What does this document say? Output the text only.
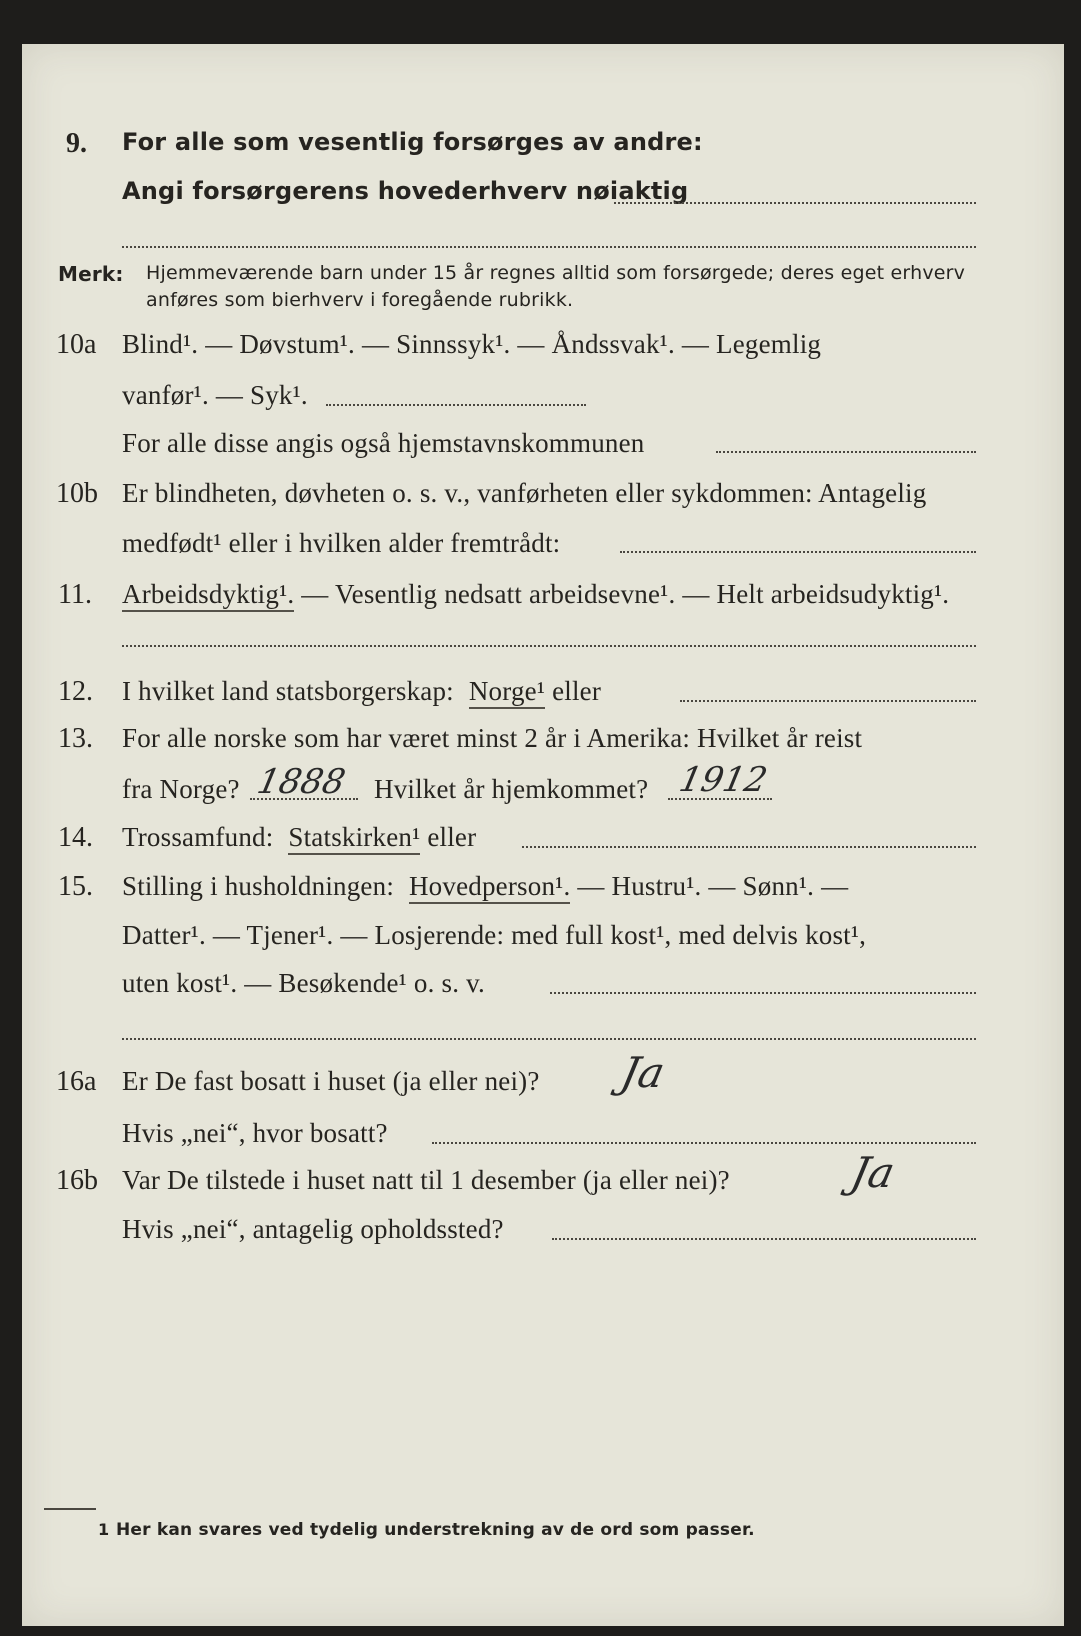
9. For alle som vesentlig forsørges av andre:
Angi forsørgerens hovederhverv nøiaktig
Merk: Hjemmeværende barn under 15 år regnes alltid som forsørgede; deres eget erhverv
anføres som bierhverv i foregående rubrikk.
10a Blind¹. — Døvstum¹. — Sinnssyk¹. — Åndssvak¹. — Legemlig
vanfør¹. — Syk¹.
For alle disse angis også hjemstavnskommunen
10b Er blindheten, døvheten o. s. v., vanførheten eller sykdommen: Antagelig
medfødt¹ eller i hvilken alder fremtrådt:
11. Arbeidsdyktig¹. — Vesentlig nedsatt arbeidsevne¹. — Helt arbeidsudyktig¹.
12. I hvilket land statsborgerskap: Norge¹ eller
13. For alle norske som har været minst 2 år i Amerika: Hvilket år reist
fra Norge? 1888 Hvilket år hjemkommet? 1912
14. Trossamfund: Statskirken¹ eller
15. Stilling i husholdningen: Hovedperson¹. — Hustru¹. — Sønn¹. —
Datter¹. — Tjener¹. — Losjerende: med full kost¹, med delvis kost¹,
uten kost¹. — Besøkende¹ o. s. v.
16a Er De fast bosatt i huset (ja eller nei)? Ja
Hvis „nei“, hvor bosatt?
16b Var De tilstede i huset natt til 1 desember (ja eller nei)?	Ja
Hvis „nei“, antagelig opholdssted?
1 Her kan svares ved tydelig understrekning av de ord som passer.
